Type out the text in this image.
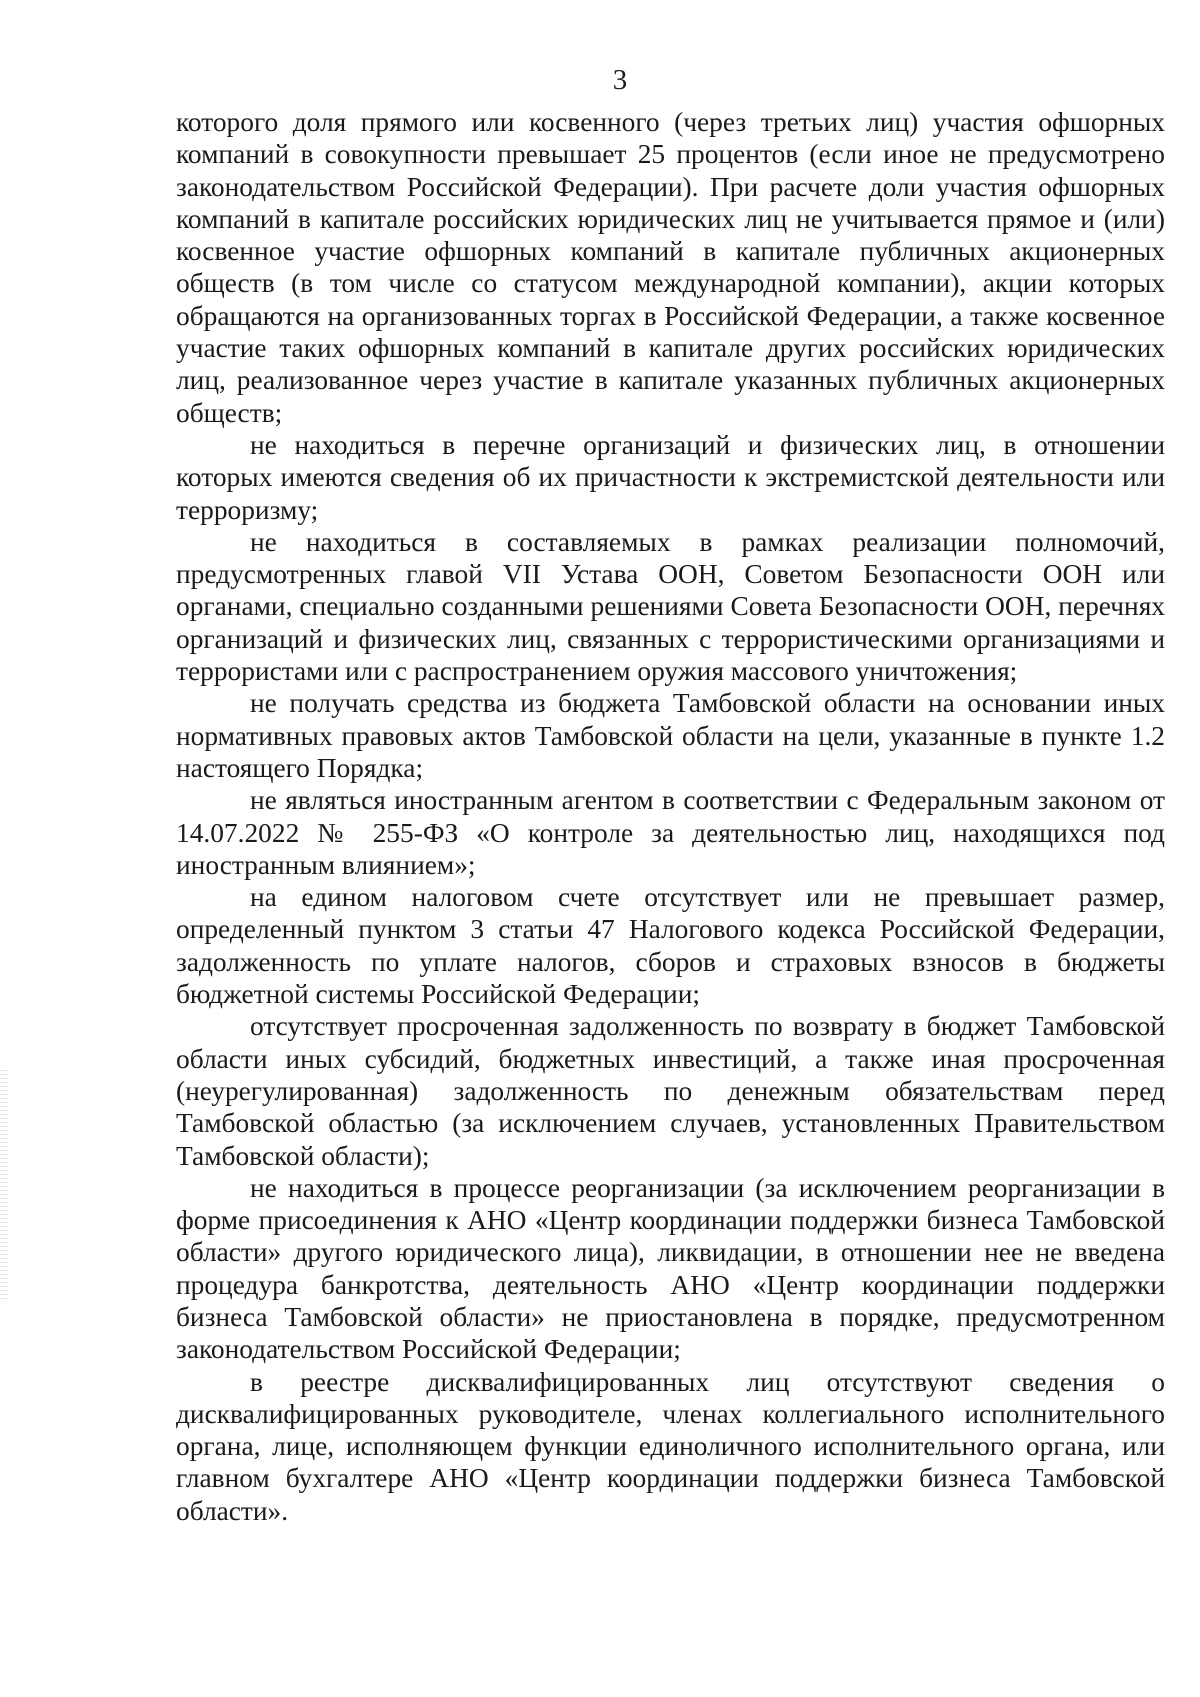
3

которого доля прямого или косвенного (через третьих лиц) участия офшорных компаний в совокупности превышает 25 процентов (если иное не предусмотрено законодательством Российской Федерации). При расчете доли участия офшорных компаний в капитале российских юридических лиц не учитывается прямое и (или) косвенное участие офшорных компаний в капитале публичных акционерных обществ (в том числе со статусом международной компании), акции которых обращаются на организованных торгах в Российской Федерации, а также косвенное участие таких офшорных компаний в капитале других российских юридических лиц, реализованное через участие в капитале указанных публичных акционерных обществ;

не находиться в перечне организаций и физических лиц, в отношении которых имеются сведения об их причастности к экстремистской деятельности или терроризму;

не находиться в составляемых в рамках реализации полномочий, предусмотренных главой VII Устава ООН, Советом Безопасности ООН или органами, специально созданными решениями Совета Безопасности ООН, перечнях организаций и физических лиц, связанных с террористическими организациями и террористами или с распространением оружия массового уничтожения;

не получать средства из бюджета Тамбовской области на основании иных нормативных правовых актов Тамбовской области на цели, указанные в пункте 1.2 настоящего Порядка;

не являться иностранным агентом в соответствии с Федеральным законом от 14.07.2022 № 255-ФЗ «О контроле за деятельностью лиц, находящихся под иностранным влиянием»;

на едином налоговом счете отсутствует или не превышает размер, определенный пунктом 3 статьи 47 Налогового кодекса Российской Федерации, задолженность по уплате налогов, сборов и страховых взносов в бюджеты бюджетной системы Российской Федерации;

отсутствует просроченная задолженность по возврату в бюджет Тамбовской области иных субсидий, бюджетных инвестиций, а также иная просроченная (неурегулированная) задолженность по денежным обязательствам перед Тамбовской областью (за исключением случаев, установленных Правительством Тамбовской области);

не находиться в процессе реорганизации (за исключением реорганизации в форме присоединения к АНО «Центр координации поддержки бизнеса Тамбовской области» другого юридического лица), ликвидации, в отношении нее не введена процедура банкротства, деятельность АНО «Центр координации поддержки бизнеса Тамбовской области» не приостановлена в порядке, предусмотренном законодательством Российской Федерации;

в реестре дисквалифицированных лиц отсутствуют сведения о дисквалифицированных руководителе, членах коллегиального исполнительного органа, лице, исполняющем функции единоличного исполнительного органа, или главном бухгалтере АНО «Центр координации поддержки бизнеса Тамбовской области».
